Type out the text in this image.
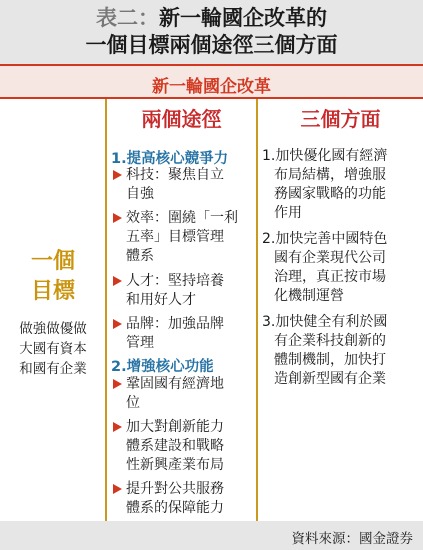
表二：新一輪國企改革的
一個目標兩個途徑三個方面
新一輪國企改革
兩個途徑	三個方面
一個
目標
做強做優做
大國有資本
和國有企業
1.提高核心競爭力
科技：聚焦自立
自強
效率：圍繞「一利
五率」目標管理
體系
人才：堅持培養
和用好人才
品牌：加強品牌
管理
2.增強核心功能
鞏固國有經濟地
位
加大對創新能力
體系建設和戰略
性新興產業布局
提升對公共服務
體系的保障能力
1.加快優化國有經濟
布局結構，增強服
務國家戰略的功能
作用
2.加快完善中國特色
國有企業現代公司
治理，真正按市場
化機制運營
3.加快健全有利於國
有企業科技創新的
體制機制，加快打
造創新型國有企業
資料來源：國金證券
